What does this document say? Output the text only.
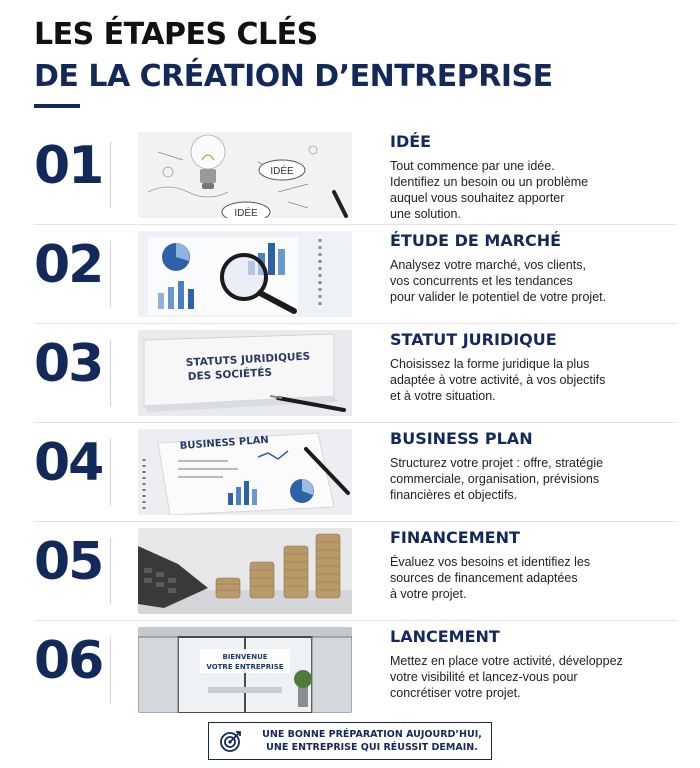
LES ÉTAPES CLÉS
DE LA CRÉATION D’ENTREPRISE
01	IDÉE
IDÉE
IDÉE

Tout commence par une idée.
Identifiez un besoin ou un problème
auquel vous souhaitez apporter
une solution.

02	ÉTUDE DE MARCHÉ

Analysez votre marché, vos clients,
vos concurrents et les tendances
pour valider le potentiel de votre projet.

03	STATUTS JURIDIQUES
DES SOCIÉTÉS
STATUT JURIDIQUE

Choisissez la forme juridique la plus
adaptée à votre activité, à vos objectifs
et à votre situation.

04	BUSINESS PLAN	BUSINESS PLAN

Structurez votre projet : offre, stratégie
commerciale, organisation, prévisions
financières et objectifs.

05	FINANCEMENT

Évaluez vos besoins et identifiez les
sources de financement adaptées
à votre projet.

06	BIENVENUE
VOTRE ENTREPRISE
LANCEMENT

Mettez en place votre activité, développez
votre visibilité et lancez-vous pour
concrétiser votre projet.

UNE BONNE PRÉPARATION AUJOURD’HUI,
UNE ENTREPRISE QUI RÉUSSIT DEMAIN.
